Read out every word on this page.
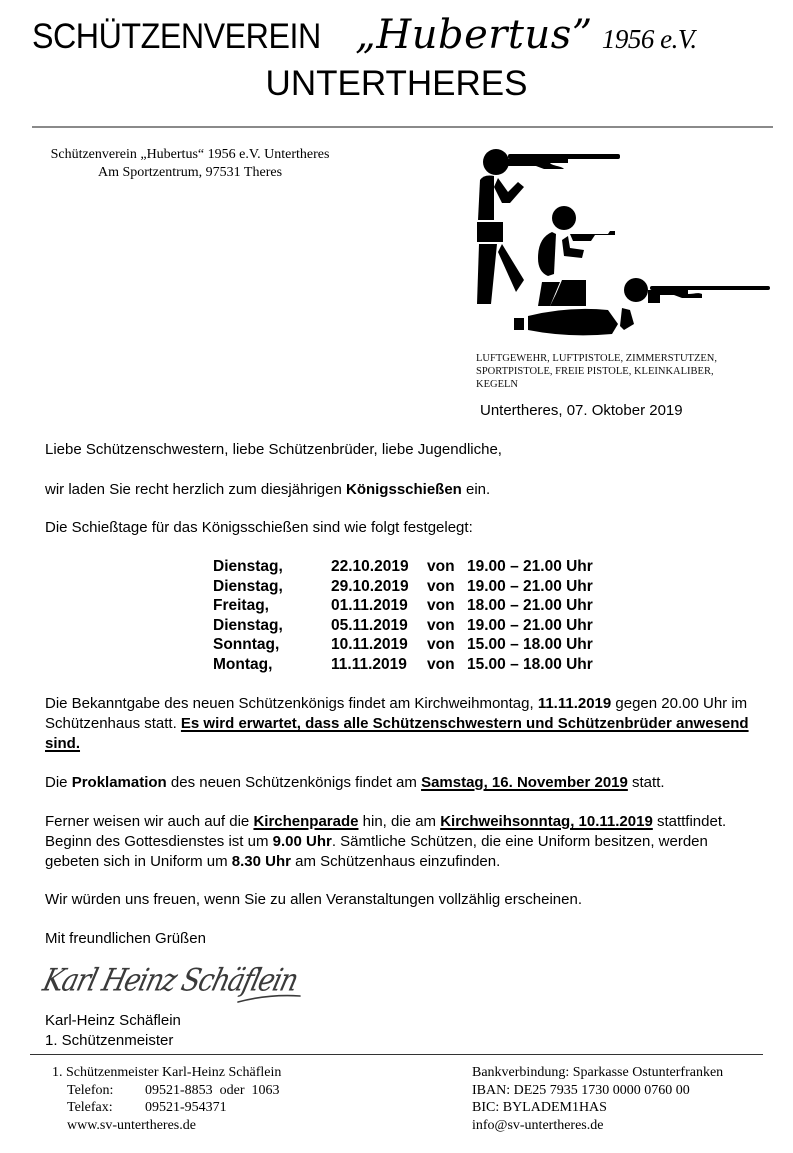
SCHÜTZENVEREIN „Hubertus” 1956 e.V.
UNTERTHERES
Schützenverein „Hubertus“ 1956 e.V. Untertheres
Am Sportzentrum, 97531 Theres
LUFTGEWEHR, LUFTPISTOLE, ZIMMERSTUTZEN,
SPORTPISTOLE, FREIE PISTOLE, KLEINKALIBER,
KEGELN
Untertheres, 07. Oktober 2019
Liebe Schützenschwestern, liebe Schützenbrüder, liebe Jugendliche,
wir laden Sie recht herzlich zum diesjährigen Königsschießen ein.
Die Schießtage für das Königsschießen sind wie folgt festgelegt:
Dienstag,	22.10.2019	von 19.00 – 21.00 Uhr
Dienstag,	29.10.2019	von 19.00 – 21.00 Uhr
Freitag,	01.11.2019	von 18.00 – 21.00 Uhr
Dienstag,	05.11.2019	von 19.00 – 21.00 Uhr
Sonntag,	10.11.2019	von 15.00 – 18.00 Uhr
Montag,	11.11.2019	von 15.00 – 18.00 Uhr
Die Bekanntgabe des neuen Schützenkönigs findet am Kirchweihmontag, 11.11.2019 gegen 20.00 Uhr im Schützenhaus statt. Es wird erwartet, dass alle Schützenschwestern und Schützenbrüder anwesend sind.
Die Proklamation des neuen Schützenkönigs findet am Samstag, 16. November 2019 statt.
Ferner weisen wir auch auf die Kirchenparade hin, die am Kirchweihsonntag, 10.11.2019 stattfindet. Beginn des Gottesdienstes ist um 9.00 Uhr. Sämtliche Schützen, die eine Uniform besitzen, werden gebeten sich in Uniform um 8.30 Uhr am Schützenhaus einzufinden.
Wir würden uns freuen, wenn Sie zu allen Veranstaltungen vollzählig erscheinen.
Mit freundlichen Grüßen
Karl Heinz Schäflein
Karl-Heinz Schäflein
1. Schützenmeister
1. Schützenmeister Karl-Heinz Schäflein
Telefon: 09521-8853  oder  1063
Telefax: 09521-954371
www.sv-untertheres.de
Bankverbindung: Sparkasse Ostunterfranken
IBAN: DE25 7935 1730 0000 0760 00
BIC: BYLADEM1HAS
info@sv-untertheres.de
